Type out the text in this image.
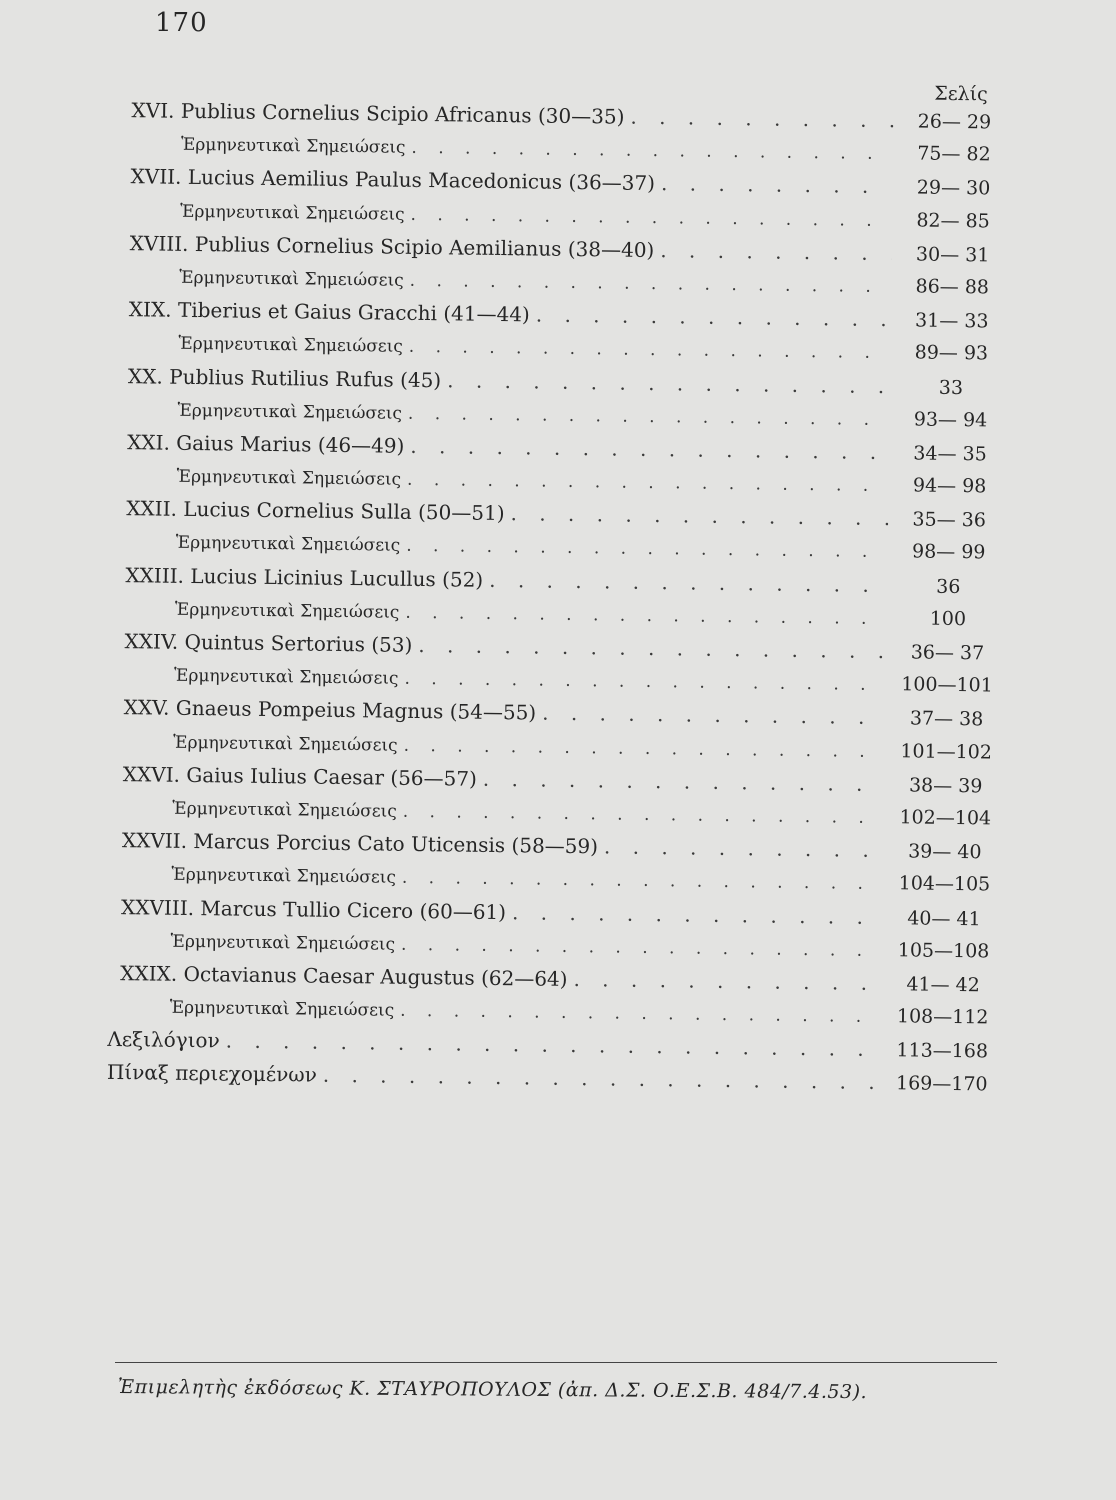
170
Σελίς
XVI. Publius Cornelius Scipio Africanus (30—35) . . .	26— 29
Ἑρμηνευτικαὶ Σημειώσεις . . .	75— 82
XVII. Lucius Aemilius Paulus Macedonicus (36—37) . . .	29— 30
Ἑρμηνευτικαὶ Σημειώσεις . . .	82— 85
XVIII. Publius Cornelius Scipio Aemilianus (38—40) . . .	30— 31
Ἑρμηνευτικαὶ Σημειώσεις . . .	86— 88
XIX. Tiberius et Gaius Gracchi (41—44) . . .	31— 33
Ἑρμηνευτικαὶ Σημειώσεις . . .	89— 93
XX. Publius Rutilius Rufus (45) . . .	33
Ἑρμηνευτικαὶ Σημειώσεις . . .	93— 94
XXI. Gaius Marius (46—49) . . .	34— 35
Ἑρμηνευτικαὶ Σημειώσεις . . .	94— 98
XXII. Lucius Cornelius Sulla (50—51) . . .	35— 36
Ἑρμηνευτικαὶ Σημειώσεις . . .	98— 99
XXIII. Lucius Licinius Lucullus (52) . . .	36
Ἑρμηνευτικαὶ Σημειώσεις . . .	100
XXIV. Quintus Sertorius (53) . . .	36— 37
Ἑρμηνευτικαὶ Σημειώσεις . . .	100—101
XXV. Gnaeus Pompeius Magnus (54—55) . . .	37— 38
Ἑρμηνευτικαὶ Σημειώσεις . . .	101—102
XXVI. Gaius Iulius Caesar (56—57) . . .	38— 39
Ἑρμηνευτικαὶ Σημειώσεις . . .	102—104
XXVII. Marcus Porcius Cato Uticensis (58—59) . . .	39— 40
Ἑρμηνευτικαὶ Σημειώσεις . . .	104—105
XXVIII. Marcus Tullio Cicero (60—61) . . .	40— 41
Ἑρμηνευτικαὶ Σημειώσεις . . .	105—108
XXIX. Octavianus Caesar Augustus (62—64) . . .	41— 42
Ἑρμηνευτικαὶ Σημειώσεις . . .	108—112
Λεξιλόγιον . . .	113—168
Πίναξ περιεχομένων . . .	169—170
Ἐπιμελητὴς ἐκδόσεως Κ. ΣΤΑΥΡΟΠΟΥΛΟΣ (ἀπ. Δ.Σ. Ο.Ε.Σ.Β. 484/7.4.53).
